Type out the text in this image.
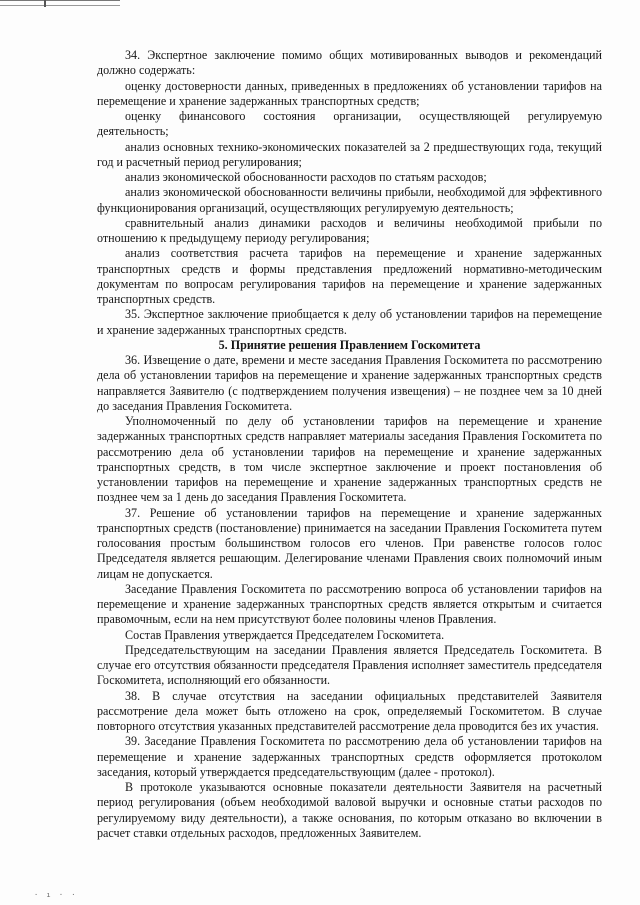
34. Экспертное заключение помимо общих мотивированных выводов и рекомендаций должно содержать:

оценку достоверности данных, приведенных в предложениях об установлении тарифов на перемещение и хранение задержанных транспортных средств;

оценку финансового состояния организации, осуществляющей регулируемую деятельность;

анализ основных технико-экономических показателей за 2 предшествующих года, текущий год и расчетный период регулирования;

анализ экономической обоснованности расходов по статьям расходов;

анализ экономической обоснованности величины прибыли, необходимой для эффективного функционирования организаций, осуществляющих регулируемую деятельность;

сравнительный анализ динамики расходов и величины необходимой прибыли по отношению к предыдущему периоду регулирования;

анализ соответствия расчета тарифов на перемещение и хранение задержанных транспортных средств и формы представления предложений нормативно-методическим документам по вопросам регулирования тарифов на перемещение и хранение задержанных транспортных средств.

35. Экспертное заключение приобщается к делу об установлении тарифов на перемещение и хранение задержанных транспортных средств.

5. Принятие решения Правлением Госкомитета

36. Извещение о дате, времени и месте заседания Правления Госкомитета по рассмотрению дела об установлении тарифов на перемещение и хранение задержанных транспортных средств направляется Заявителю (с подтверждением получения извещения) – не позднее чем за 10 дней до заседания Правления Госкомитета.

Уполномоченный по делу об установлении тарифов на перемещение и хранение задержанных транспортных средств направляет материалы заседания Правления Госкомитета по рассмотрению дела об установлении тарифов на перемещение и хранение задержанных транспортных средств, в том числе экспертное заключение и проект постановления об установлении тарифов на перемещение и хранение задержанных транспортных средств не позднее чем за 1 день до заседания Правления Госкомитета.

37. Решение об установлении тарифов на перемещение и хранение задержанных транспортных средств (постановление) принимается на заседании Правления Госкомитета путем голосования простым большинством голосов его членов. При равенстве голосов голос Председателя является решающим. Делегирование членами Правления своих полномочий иным лицам не допускается.

Заседание Правления Госкомитета по рассмотрению вопроса об установлении тарифов на перемещение и хранение задержанных транспортных средств является открытым и считается правомочным, если на нем присутствуют более половины членов Правления.

Состав Правления утверждается Председателем Госкомитета.

Председательствующим на заседании Правления является Председатель Госкомитета. В случае его отсутствия обязанности председателя Правления исполняет заместитель председателя Госкомитета, исполняющий его обязанности.

38. В случае отсутствия на заседании официальных представителей Заявителя рассмотрение дела может быть отложено на срок, определяемый Госкомитетом. В случае повторного отсутствия указанных представителей рассмотрение дела проводится без их участия.

39. Заседание Правления Госкомитета по рассмотрению дела об установлении тарифов на перемещение и хранение задержанных транспортных средств оформляется протоколом заседания, который утверждается председательствующим (далее - протокол).

В протоколе указываются основные показатели деятельности Заявителя на расчетный период регулирования (объем необходимой валовой выручки и основные статьи расходов по регулируемому виду деятельности), а также основания, по которым отказано во включении в расчет ставки отдельных расходов, предложенных Заявителем.

· ı · ·
